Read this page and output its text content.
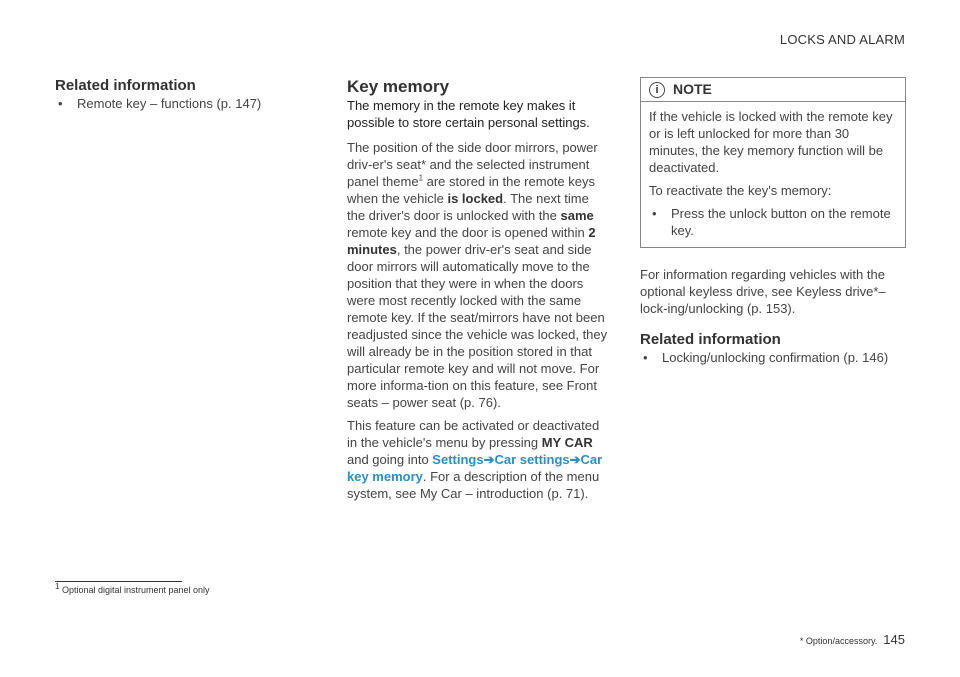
LOCKS AND ALARM
Related information
• Remote key – functions (p. 147)
Key memory

The memory in the remote key makes it possible to store certain personal settings.

The position of the side door mirrors, power driv-er's seat* and the selected instrument panel theme$^1$ are stored in the remote keys when the vehicle is locked. The next time the driver's door is unlocked with the same remote key and the door is opened within 2 minutes, the power driv-er's seat and side door mirrors will automatically move to the position that they were in when the doors were most recently locked with the same remote key. If the seat/mirrors have not been readjusted since the vehicle was locked, they will already be in the position stored in that particular remote key and will not move. For more informa-tion on this feature, see Front seats – power seat (p. 76).

This feature can be activated or deactivated in the vehicle's menu by pressing MY CAR and going into Settings➔Car settings➔Car key memory. For a description of the menu system, see My Car – introduction (p. 71).

i	NOTE

If the vehicle is locked with the remote key or is left unlocked for more than 30 minutes, the key memory function will be deactivated.

To reactivate the key's memory:

• Press the unlock button on the remote key.

For information regarding vehicles with the optional keyless drive, see Keyless drive*– lock-ing/unlocking (p. 153).

Related information
• Locking/unlocking confirmation (p. 146)
$^1$ Optional digital instrument panel only
* Option/accessory. 145
